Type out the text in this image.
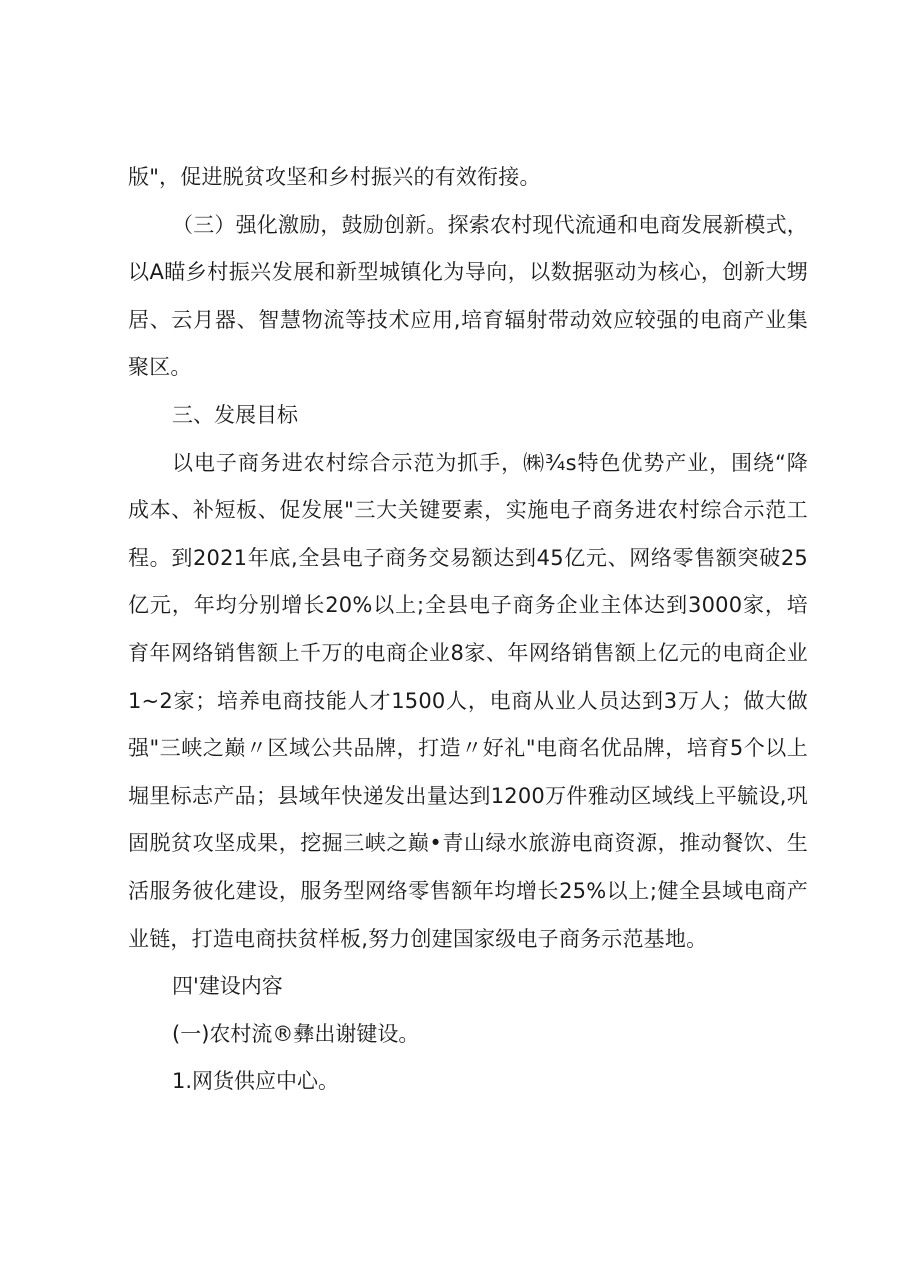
版"，促进脱贫攻坚和乡村振兴的有效衔接。

（三）强化激励，鼓励创新。探索农村现代流通和电商发展新模式，以A瞄乡村振兴发展和新型城镇化为导向，以数据驱动为核心，创新大甥居、云月器、智慧物流等技术应用,培育辐射带动效应较强的电商产业集聚区。

三、发展目标

以电子商务进农村综合示范为抓手，㈱¾s特色优势产业，围绕“降成本、补短板、促发展"三大关键要素，实施电子商务进农村综合示范工程。到2021年底,全县电子商务交易额达到45亿元、网络零售额突破25亿元，年均分别增长20%以上;全县电子商务企业主体达到3000家，培育年网络销售额上千万的电商企业8家、年网络销售额上亿元的电商企业1~2家；培养电商技能人才1500人，电商从业人员达到3万人；做大做强"三峡之巅〃区域公共品牌，打造〃好礼"电商名优品牌，培育5个以上堀里标志产品；县域年快递发出量达到1200万件雅动区域线上平毓设,巩固脱贫攻坚成果，挖掘三峡之巅•青山绿水旅游电商资源，推动餐饮、生活服务彼化建设，服务型网络零售额年均增长25%以上;健全县域电商产业链，打造电商扶贫样板,努力创建国家级电子商务示范基地。

四'建设内容

(一)农村流®彝出谢键设。

1.网货供应中心。
